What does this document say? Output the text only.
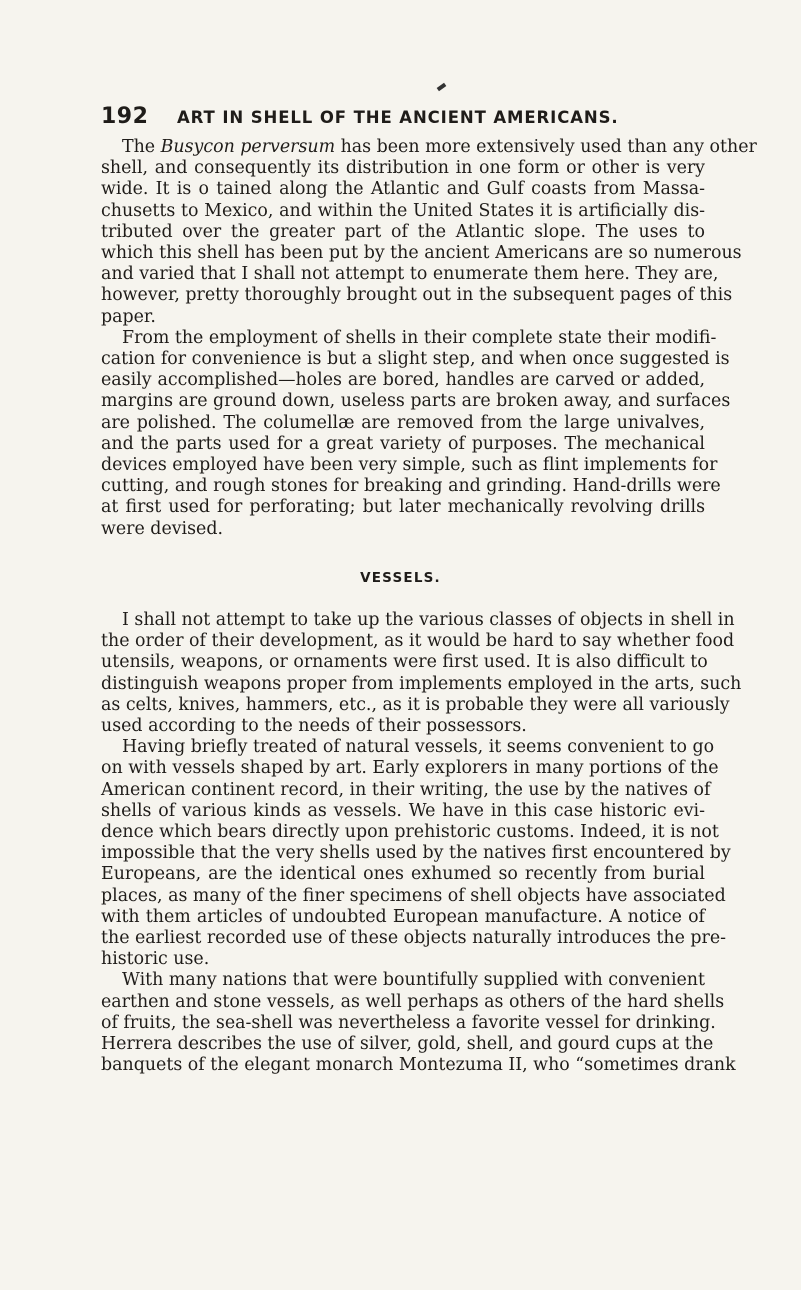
192 ART IN SHELL OF THE ANCIENT AMERICANS.
The Busycon perversum has been more extensively used than any other
shell, and consequently its distribution in one form or other is very
wide. It is o tained along the Atlantic and Gulf coasts from Massa-
chusetts to Mexico, and within the United States it is artificially dis-
tributed over the greater part of the Atlantic slope. The uses to
which this shell has been put by the ancient Americans are so numerous
and varied that I shall not attempt to enumerate them here. They are,
however, pretty thoroughly brought out in the subsequent pages of this
paper.
From the employment of shells in their complete state their modifi-
cation for convenience is but a slight step, and when once suggested is
easily accomplished—holes are bored, handles are carved or added,
margins are ground down, useless parts are broken away, and surfaces
are polished. The columellæ are removed from the large univalves,
and the parts used for a great variety of purposes. The mechanical
devices employed have been very simple, such as flint implements for
cutting, and rough stones for breaking and grinding. Hand-drills were
at first used for perforating; but later mechanically revolving drills
were devised.
VESSELS.
I shall not attempt to take up the various classes of objects in shell in
the order of their development, as it would be hard to say whether food
utensils, weapons, or ornaments were first used. It is also difficult to
distinguish weapons proper from implements employed in the arts, such
as celts, knives, hammers, etc., as it is probable they were all variously
used according to the needs of their possessors.
Having briefly treated of natural vessels, it seems convenient to go
on with vessels shaped by art. Early explorers in many portions of the
American continent record, in their writing, the use by the natives of
shells of various kinds as vessels. We have in this case historic evi-
dence which bears directly upon prehistoric customs. Indeed, it is not
impossible that the very shells used by the natives first encountered by
Europeans, are the identical ones exhumed so recently from burial
places, as many of the finer specimens of shell objects have associated
with them articles of undoubted European manufacture. A notice of
the earliest recorded use of these objects naturally introduces the pre-
historic use.
With many nations that were bountifully supplied with convenient
earthen and stone vessels, as well perhaps as others of the hard shells
of fruits, the sea-shell was nevertheless a favorite vessel for drinking.
Herrera describes the use of silver, gold, shell, and gourd cups at the
banquets of the elegant monarch Montezuma II, who “sometimes drank
